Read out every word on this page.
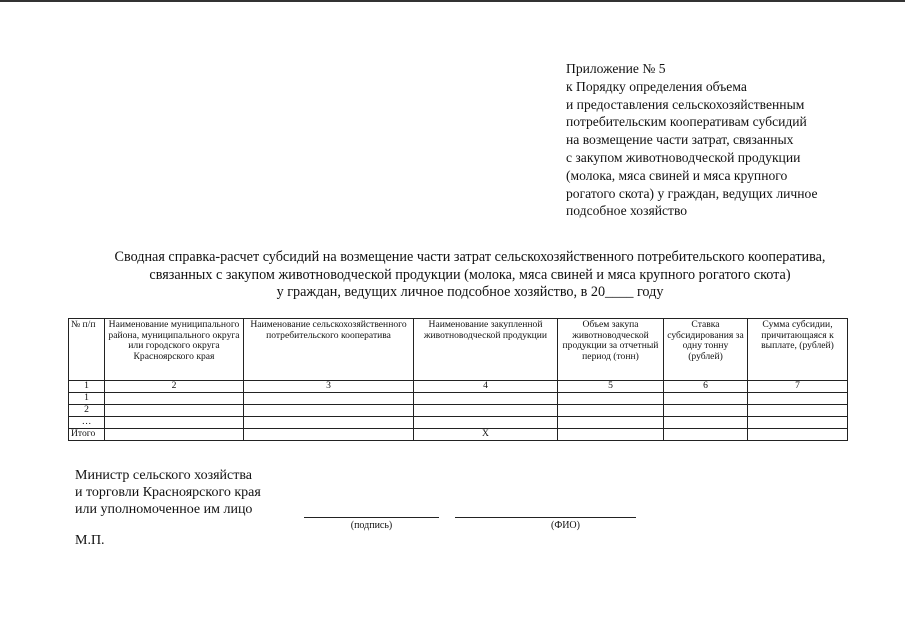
Приложение № 5
к Порядку определения объема
и предоставления сельскохозяйственным
потребительским кооперативам субсидий
на возмещение части затрат, связанных
с закупом животноводческой продукции
(молока, мяса свиней и мяса крупного
рогатого скота) у граждан, ведущих личное
подсобное хозяйство
Сводная справка-расчет субсидий на возмещение части затрат сельскохозяйственного потребительского кооператива,
связанных с закупом животноводческой продукции (молока, мяса свиней и мяса крупного рогатого скота)
у граждан, ведущих личное подсобное хозяйство, в 20____ году
№ п/п	Наименование муниципального района, муниципального округа или городского округа Красноярского края	Наименование сельскохозяйственного потребительского кооператива	Наименование закупленной животноводческой продукции	Объем закупа животноводческой продукции за отчетный период (тонн)	Ставка субсидирования за одну тонну (рублей)	Сумма субсидии, причитающаяся к выплате, (рублей)
1	2	3	4	5	6	7
1						
2						
…						
Итого			X			
Министр сельского хозяйства
и торговли Красноярского края
или уполномоченное им лицо
(подпись)	(ФИО)
М.П.
